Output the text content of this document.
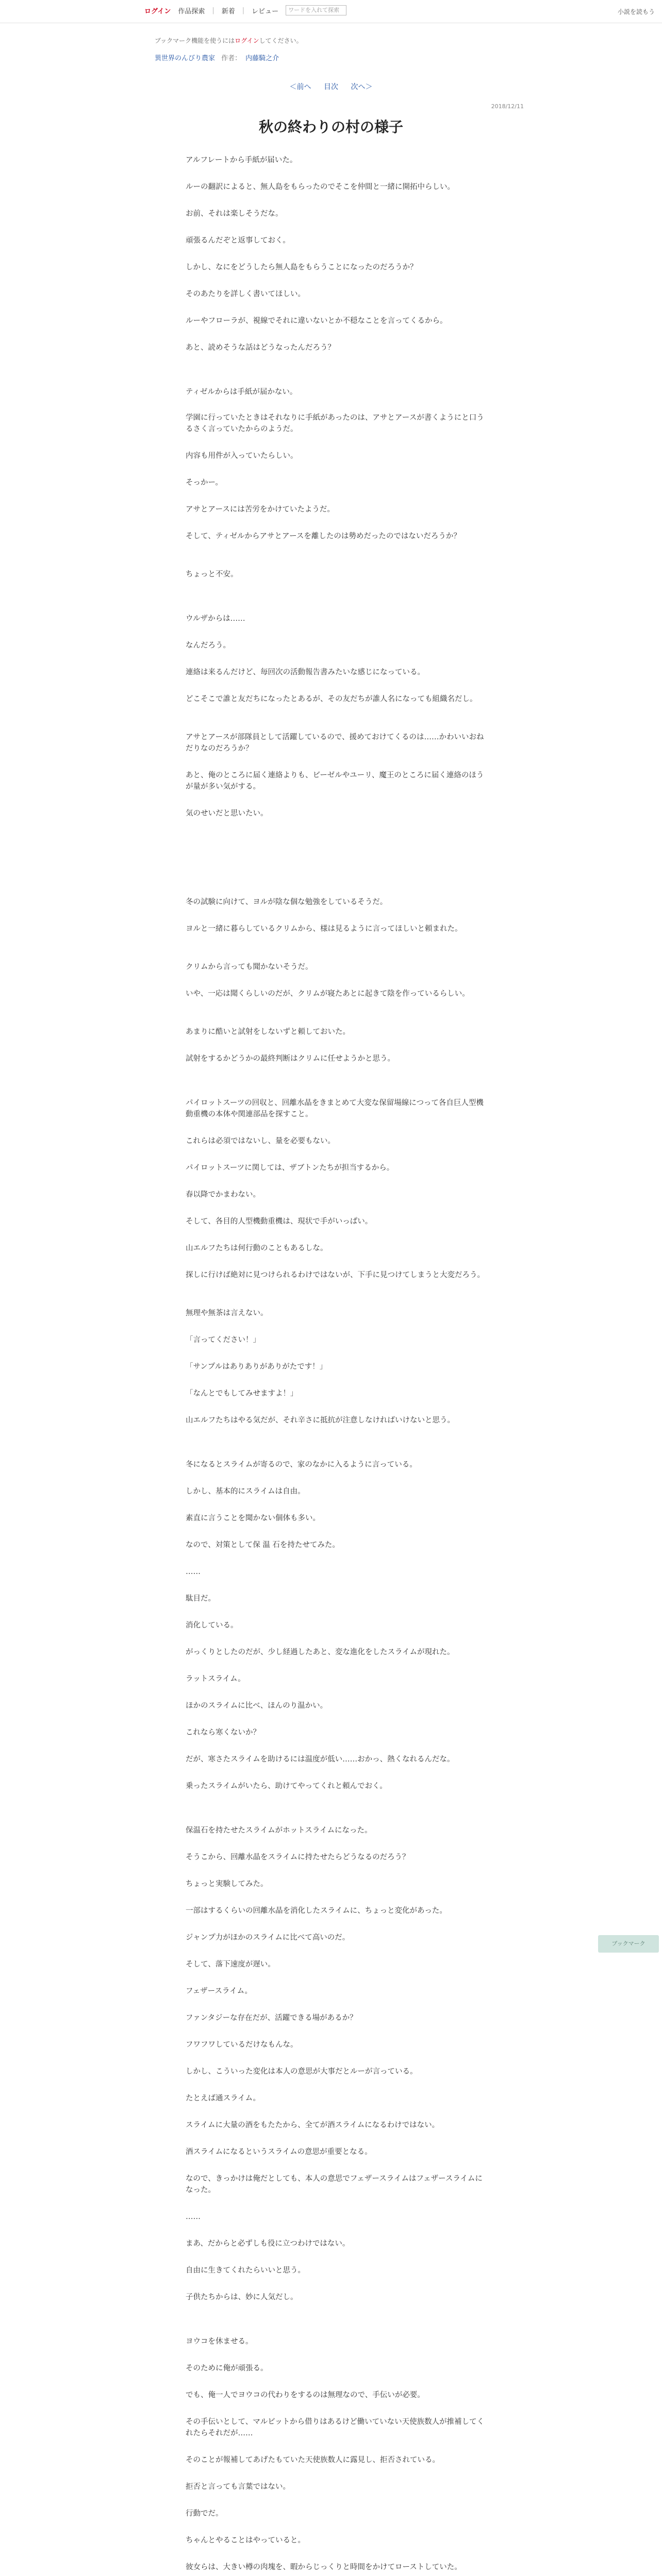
ログイン 作品探索 | 新着 | レビュー	ワードを入れて探索	小説を読もう
ブックマーク機能を使うにはログインしてください。
異世界のんびり農家 作者： 内藤騎之介
＜前へ 目次 次へ＞
2018/12/11
秋の終わりの村の様子

アルフレートから手紙が届いた。

ルーの翻訳によると、無人島をもらったのでそこを仲間と一緒に開拓中らしい。

お前、それは楽しそうだな。

頑張るんだぞと返事しておく。

しかし、なにをどうしたら無人島をもらうことになったのだろうか？

そのあたりを詳しく書いてほしい。

ルーやフローラが、視線でそれに違いないとか不穏なことを言ってくるから。

あと、読めそうな話はどうなったんだろう？

ティゼルからは手紙が届かない。

学園に行っていたときはそれなりに手紙があったのは、アサとアースが書くようにと口うるさく言っていたからのようだ。

内容も用件が入っていたらしい。

そっかー。

アサとアースには苦労をかけていたようだ。

そして、ティゼルからアサとアースを離したのは勢めだったのではないだろうか？

ちょっと不安。

ウルザからは……

なんだろう。

連絡は来るんだけど、毎回次の活動報告書みたいな感じになっている。

どこそこで誰と友だちになったとあるが、その友だちが誰人名になっても組織名だし。

アサとアースが部隊員として活躍しているので、援めておけてくるのは……かわいいおねだりなのだろうか？

あと、俺のところに届く連絡よりも、ビーゼルやユーリ、魔王のところに届く連絡のほうが量が多い気がする。

気のせいだと思いたい。

冬の試験に向けて、ヨルが陰な個な勉強をしているそうだ。

ヨルと一緒に暮らしているクリムから、様は見るように言ってほしいと頼まれた。

クリムから言っても聞かないそうだ。

いや、一応は聞くらしいのだが、クリムが寝たあとに起きて陰を作っているらしい。

あまりに酷いと試射をしないずと頼しておいた。

試射をするかどうかの最終判断はクリムに任せようかと思う。

パイロットスーツの回収と、回離水晶をきまとめて大変な保留場線につって各自巨人型機動重機の本体や関連部品を探すこと。

これらは必須ではないし、量を必要もない。

パイロットスーツに関しては、ザブトンたちが担当するから。

春以降でかまわない。

そして、各目的人型機動重機は、現状で手がいっぱい。

山エルフたちは何行動のこともあるしな。

探しに行けば絶対に見つけられるわけではないが、下手に見つけてしまうと大変だろう。

無理や無茶は言えない。

「言ってください！」

「サンプルはありありがありがたです！」

「なんとでもしてみせますよ！」

山エルフたちはやる気だが、それ辛さに抵抗が注意しなければいけないと思う。

冬になるとスライムが寄るので、家のなかに入るように言っている。

しかし、基本的にスライムは自由。

素直に言うことを聞かない個体も多い。

なので、対策として保 温 石を持たせてみた。

……

駄目だ。

消化している。

がっくりとしたのだが、少し経過したあと、変な進化をしたスライムが現れた。

ラットスライム。

ほかのスライムに比べ、ほんのり温かい。

これなら寒くないか？

だが、寒さたスライムを助けるには温度が低い……おかっ、熱くなれるんだな。

乗ったスライムがいたら、助けてやってくれと頼んでおく。

保温石を持たせたスライムがホットスライムになった。

そうこから、回離水晶をスライムに持たせたらどうなるのだろう？

ちょっと実験してみた。

一部はするくらいの回離水晶を消化したスライムに、ちょっと変化があった。

ジャンプ力がほかのスライムに比べて高いのだ。

そして、落下速度が遅い。

フェザースライム。

ファンタジーな存在だが、活躍できる場があるか？

フワフワしているだけなもんな。

しかし、こういった変化は本人の意思が大事だとルーが言っている。

たとえば通スライム。

スライムに大量の酒をもたたから、全てが酒スライムになるわけではない。

酒スライムになるというスライムの意思が重要となる。

なので、きっかけは俺だとしても、本人の意思でフェザースライムはフェザースライムになった。

……

まあ、だからと必ずしも役に立つわけではない。

自由に生きてくれたらいいと思う。

子供たちからは、妙に人気だし。

ヨウコを休ませる。

そのために俺が頑張る。

でも、俺一人でヨウコの代わりをするのは無理なので、手伝いが必要。

その手伝いとして、マルビットから借りはあるけど働いていない天使族数人が推補してくれたらそれだが……

そのことが報補してあげたもていた天使族数人に露見し、拒否されている。

拒否と言っても言葉ではない。

行動でだ。

ちゃんとやることはやっていると。

彼女らは、大きい樽の肉塊を、暇からじっくりと時間をかけてローストしていた。

ブックマーク
